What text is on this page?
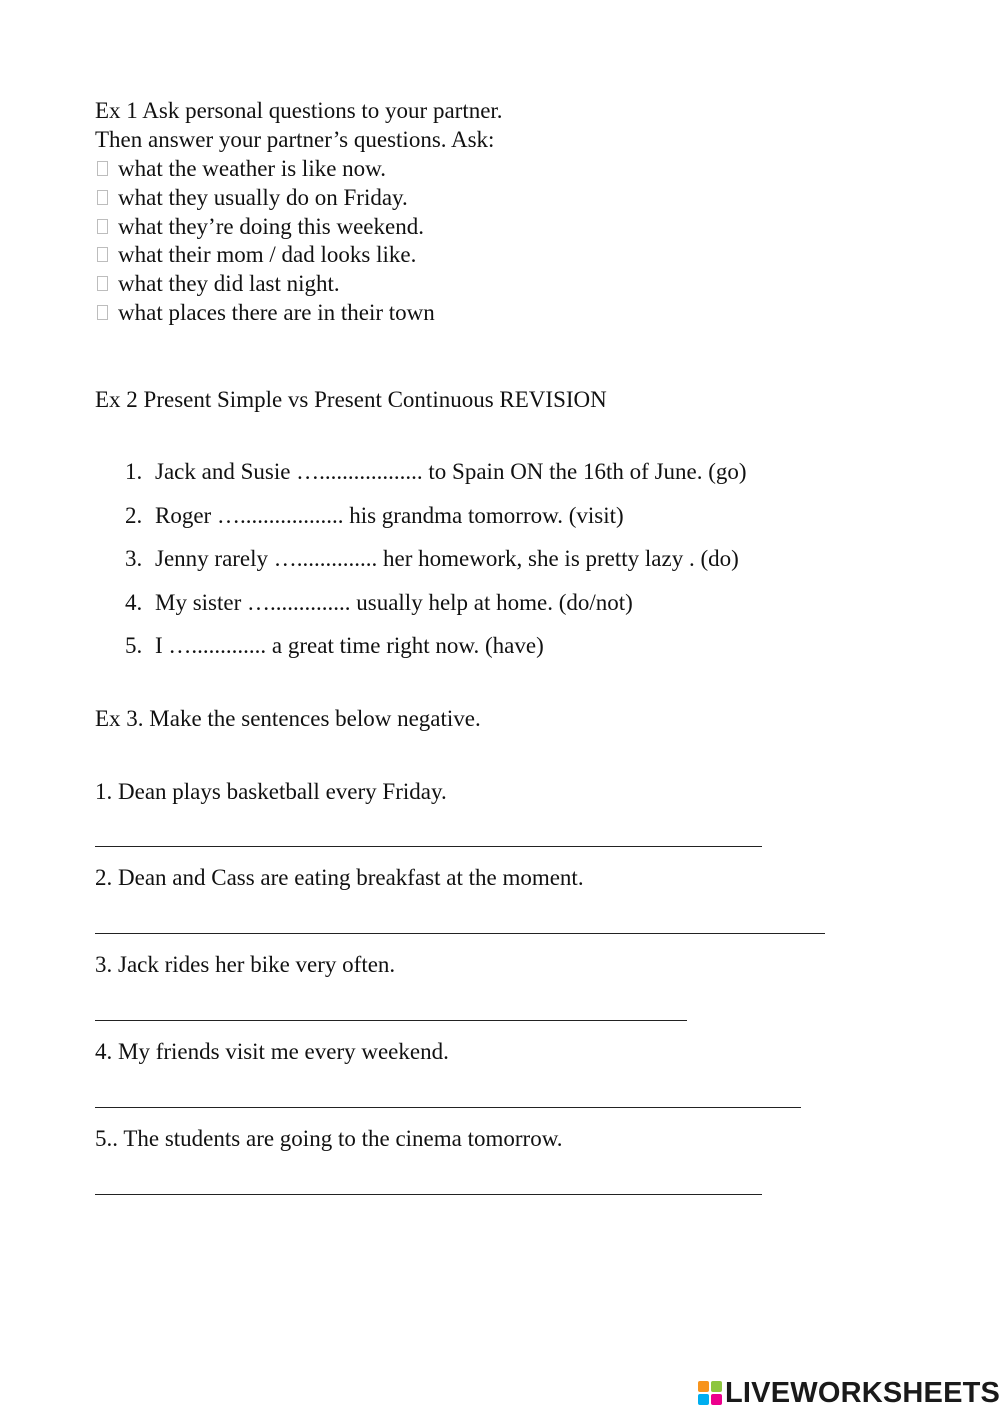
Ex 1 Ask personal questions to your partner.
Then answer your partner’s questions. Ask:
what the weather is like now.
what they usually do on Friday.
what they’re doing this weekend.
what their mom / dad looks like.
what they did last night.
what places there are in their town
Ex 2 Present Simple vs Present Continuous REVISION
1. Jack and Susie ….................. to Spain ON the 16th of June. (go)
2. Roger ….................. his grandma tomorrow. (visit)
3. Jenny rarely ….............. her homework, she is pretty lazy . (do)
4. My sister ….............. usually help at home. (do/not)
5. I …............. a great time right now. (have)
Ex 3. Make the sentences below negative.
1. Dean plays basketball every Friday.
2. Dean and Cass are eating breakfast at the moment.
3. Jack rides her bike very often.
4. My friends visit me every weekend.
5.. The students are going to the cinema tomorrow.
LIVEWORKSHEETS
